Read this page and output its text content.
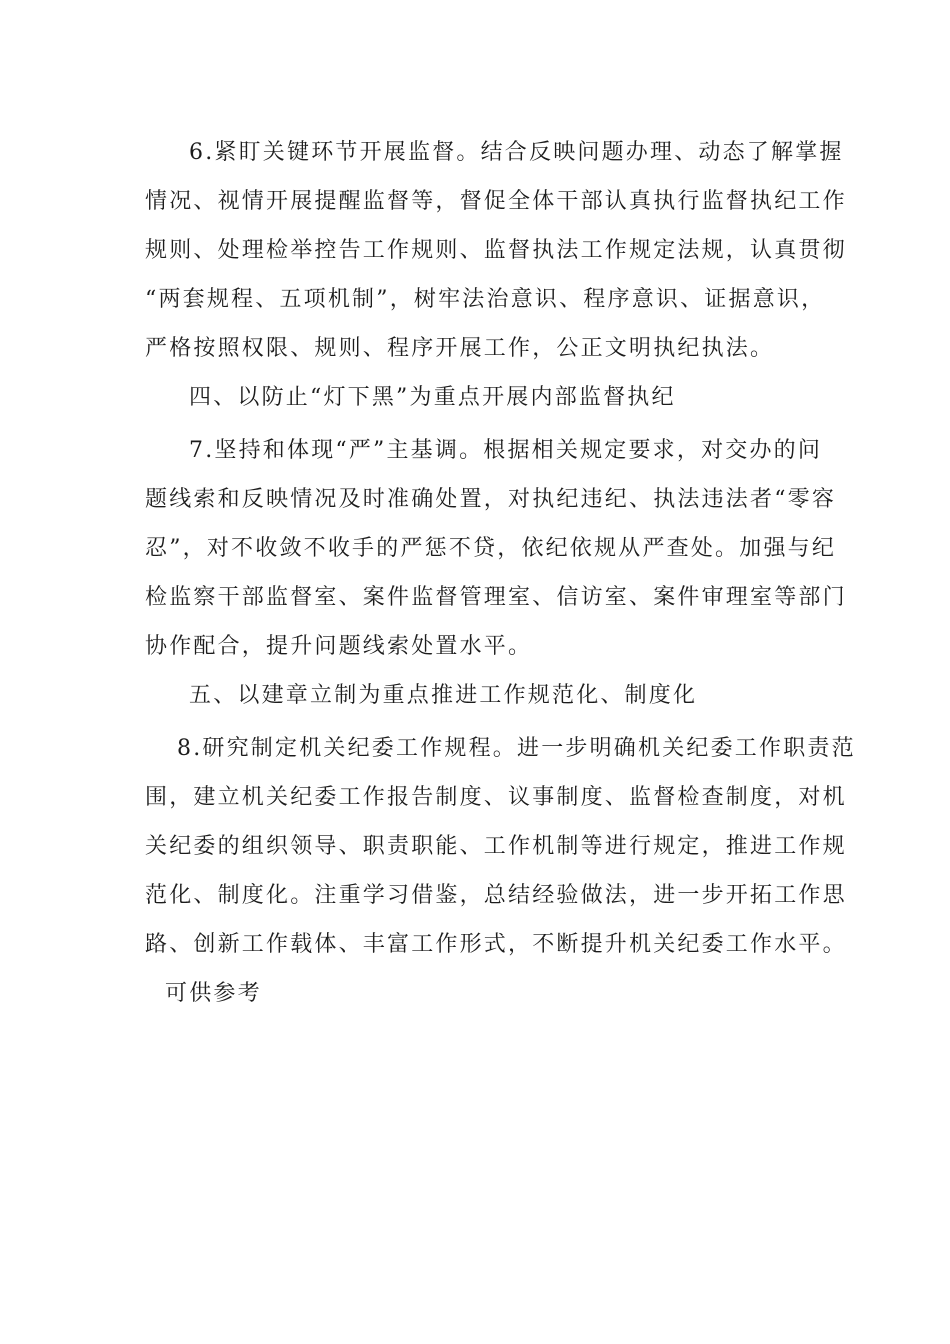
6.紧盯关键环节开展监督。结合反映问题办理、动态了解掌握
情况、视情开展提醒监督等，督促全体干部认真执行监督执纪工作
规则、处理检举控告工作规则、监督执法工作规定法规，认真贯彻
“两套规程、五项机制”，树牢法治意识、程序意识、证据意识，
严格按照权限、规则、程序开展工作，公正文明执纪执法。
四、以防止“灯下黑”为重点开展内部监督执纪
7.坚持和体现“严”主基调。根据相关规定要求，对交办的问
题线索和反映情况及时准确处置，对执纪违纪、执法违法者“零容
忍”，对不收敛不收手的严惩不贷，依纪依规从严查处。加强与纪
检监察干部监督室、案件监督管理室、信访室、案件审理室等部门
协作配合，提升问题线索处置水平。
五、以建章立制为重点推进工作规范化、制度化
8.研究制定机关纪委工作规程。进一步明确机关纪委工作职责范
围，建立机关纪委工作报告制度、议事制度、监督检查制度，对机
关纪委的组织领导、职责职能、工作机制等进行规定，推进工作规
范化、制度化。注重学习借鉴，总结经验做法，进一步开拓工作思
路、创新工作载体、丰富工作形式，不断提升机关纪委工作水平。
可供参考
